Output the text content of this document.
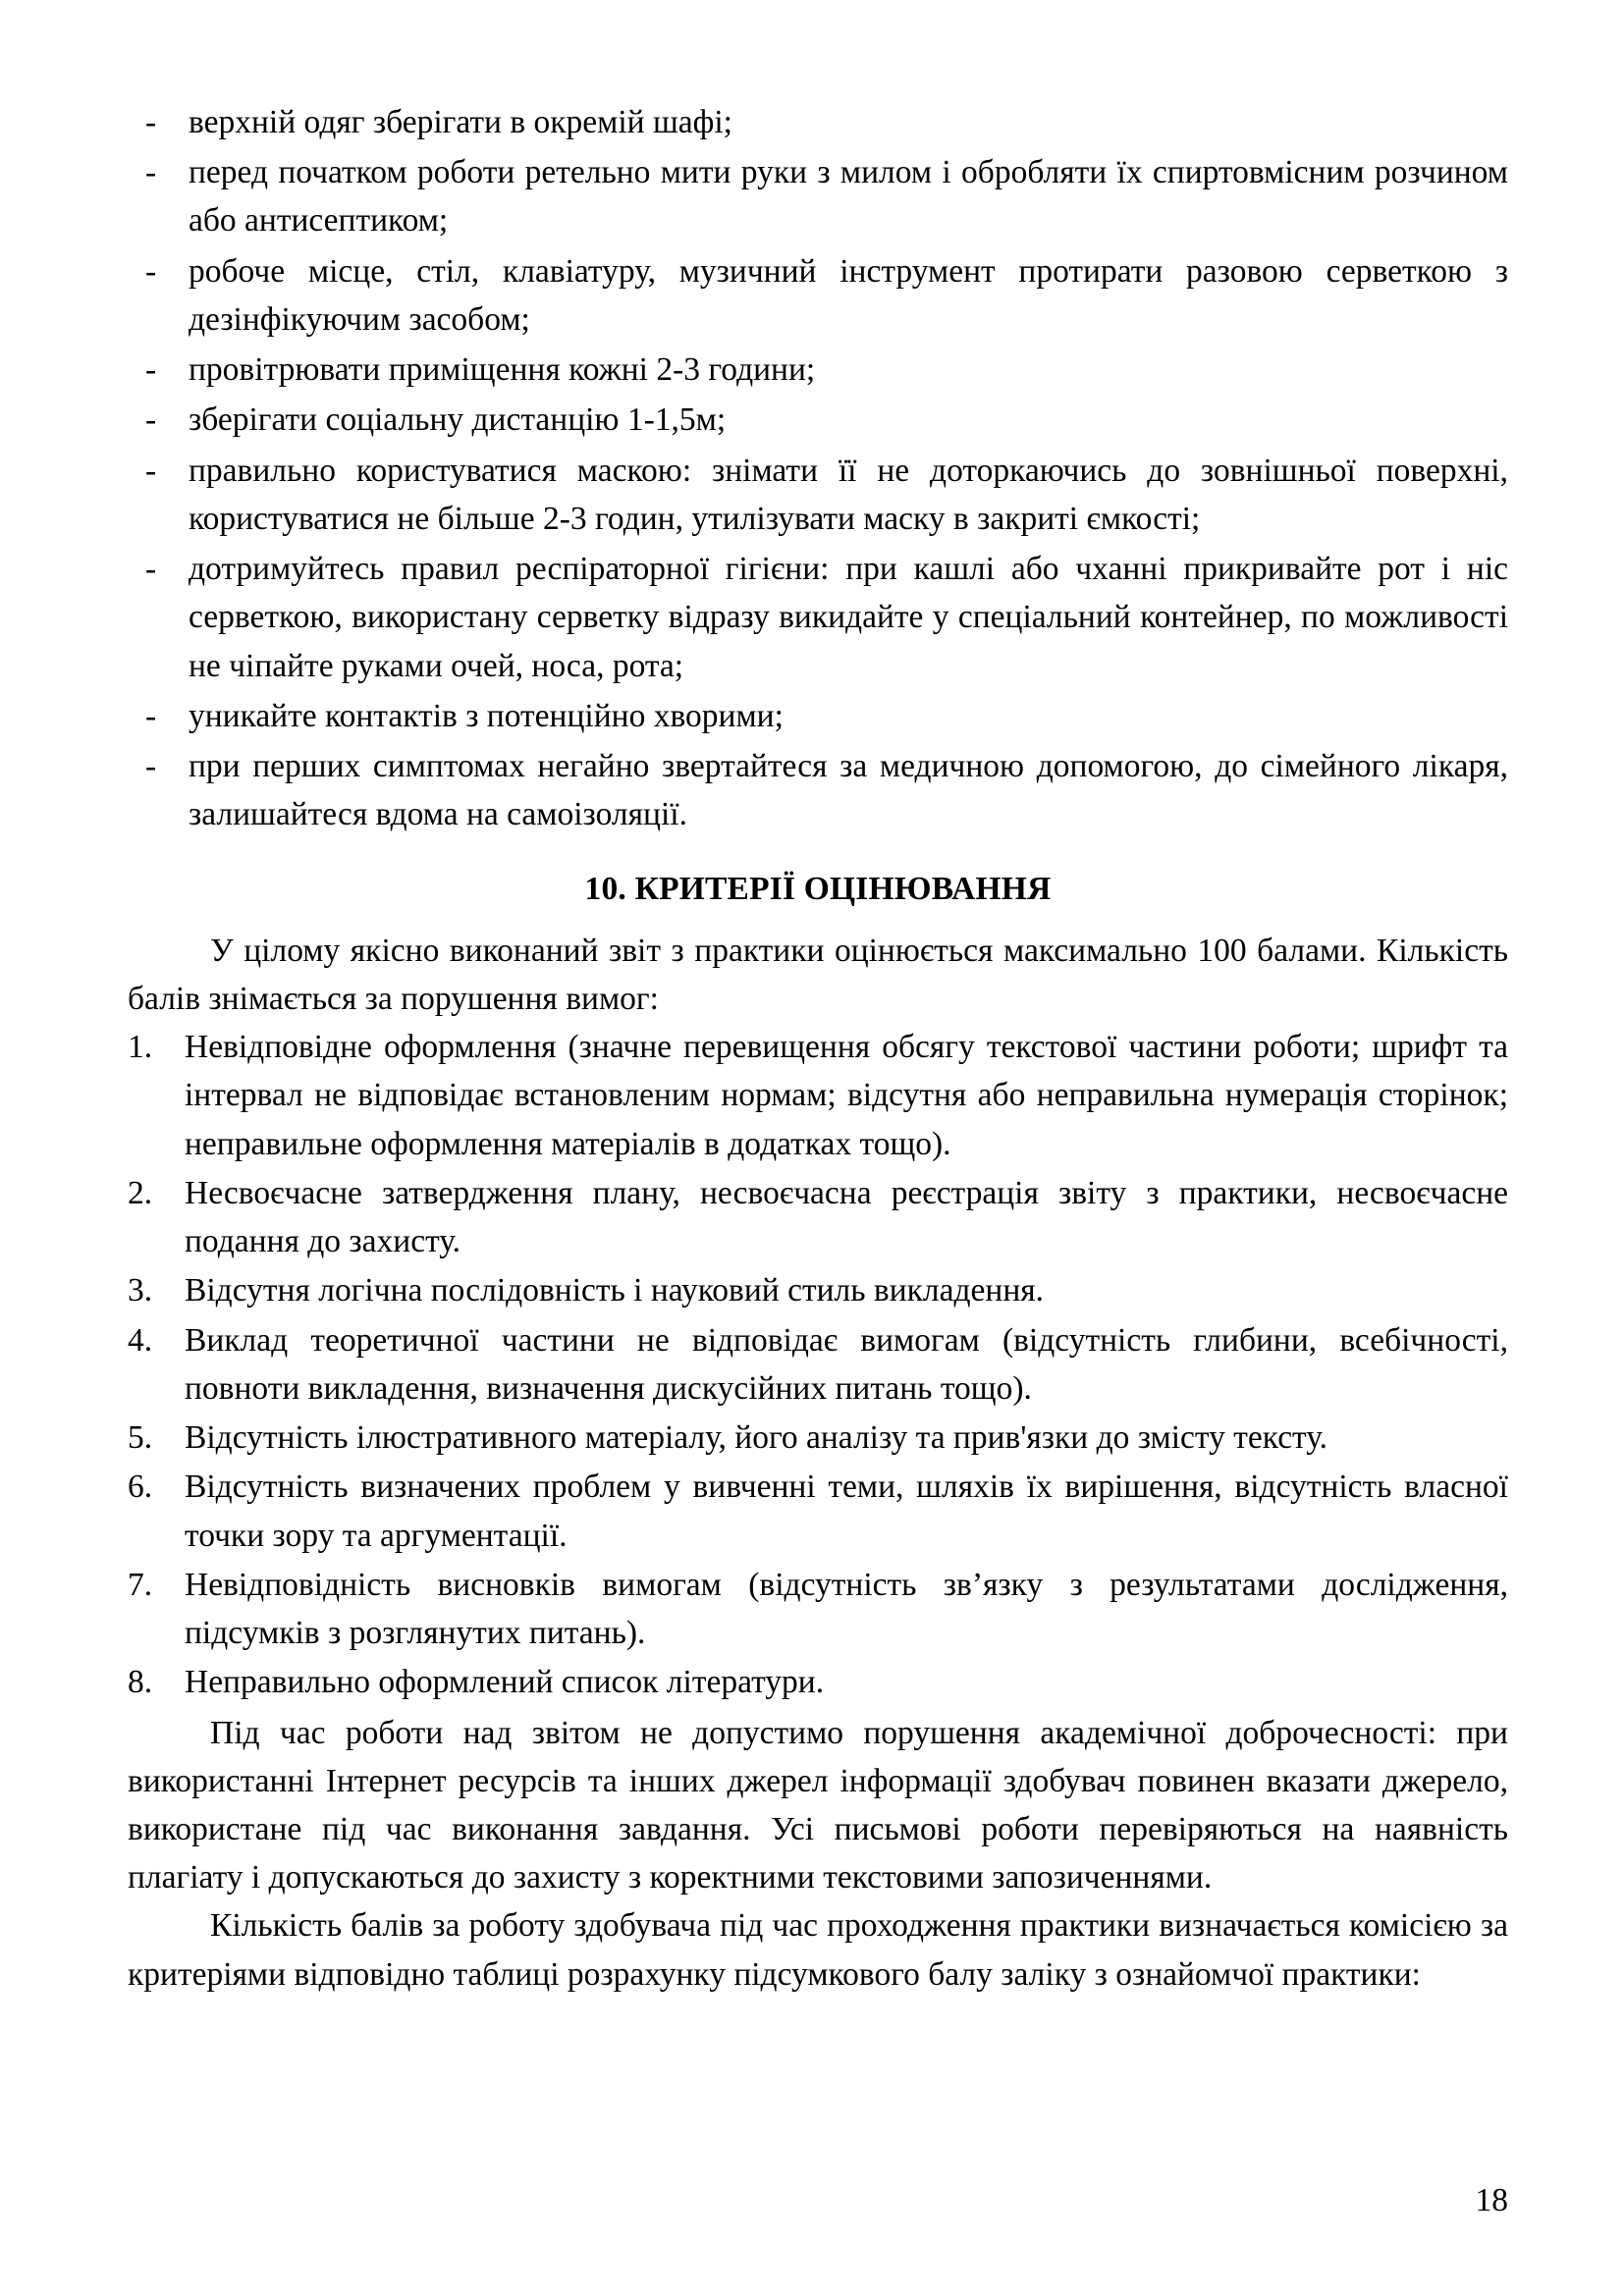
- верхній одяг зберігати в окремій шафі;
- перед початком роботи ретельно мити руки з милом і обробляти їх спиртовмісним розчином або антисептиком;
- робоче місце, стіл, клавіатуру, музичний інструмент протирати разовою серветкою з дезінфікуючим засобом;
- провітрювати приміщення кожні 2-3 години;
- зберігати соціальну дистанцію 1-1,5м;
- правильно користуватися маскою: знімати її не доторкаючись до зовнішньої поверхні, користуватися не більше 2-3 годин, утилізувати маску в закриті ємкості;
- дотримуйтесь правил респіраторної гігієни: при кашлі або чханні прикривайте рот і ніс серветкою, використану серветку відразу викидайте у спеціальний контейнер, по можливості не чіпайте руками очей, носа, рота;
- уникайте контактів з потенційно хворими;
- при перших симптомах негайно звертайтеся за медичною допомогою, до сімейного лікаря, залишайтеся вдома на самоізоляції.
10. КРИТЕРІЇ ОЦІНЮВАННЯ

У цілому якісно виконаний звіт з практики оцінюється максимально 100 балами. Кількість балів знімається за порушення вимог:

1. Невідповідне оформлення (значне перевищення обсягу текстової частини роботи; шрифт та інтервал не відповідає встановленим нормам; відсутня або неправильна нумерація сторінок; неправильне оформлення матеріалів в додатках тощо).
2. Несвоєчасне затвердження плану, несвоєчасна реєстрація звіту з практики, несвоєчасне подання до захисту.
3. Відсутня логічна послідовність і науковий стиль викладення.
4. Виклад теоретичної частини не відповідає вимогам (відсутність глибини, всебічності, повноти викладення, визначення дискусійних питань тощо).
5. Відсутність ілюстративного матеріалу, його аналізу та прив'язки до змісту тексту.
6. Відсутність визначених проблем у вивченні теми, шляхів їх вирішення, відсутність власної точки зору та аргументації.
7. Невідповідність висновків вимогам (відсутність зв’язку з результатами дослідження, підсумків з розглянутих питань).
8. Неправильно оформлений список літератури.

Під час роботи над звітом не допустимо порушення академічної доброчесності: при використанні Інтернет ресурсів та інших джерел інформації здобувач повинен вказати джерело, використане під час виконання завдання. Усі письмові роботи перевіряються на наявність плагіату і допускаються до захисту з коректними текстовими запозиченнями.

Кількість балів за роботу здобувача під час проходження практики визначається комісією за критеріями відповідно таблиці розрахунку підсумкового балу заліку з ознайомчої практики:

18
